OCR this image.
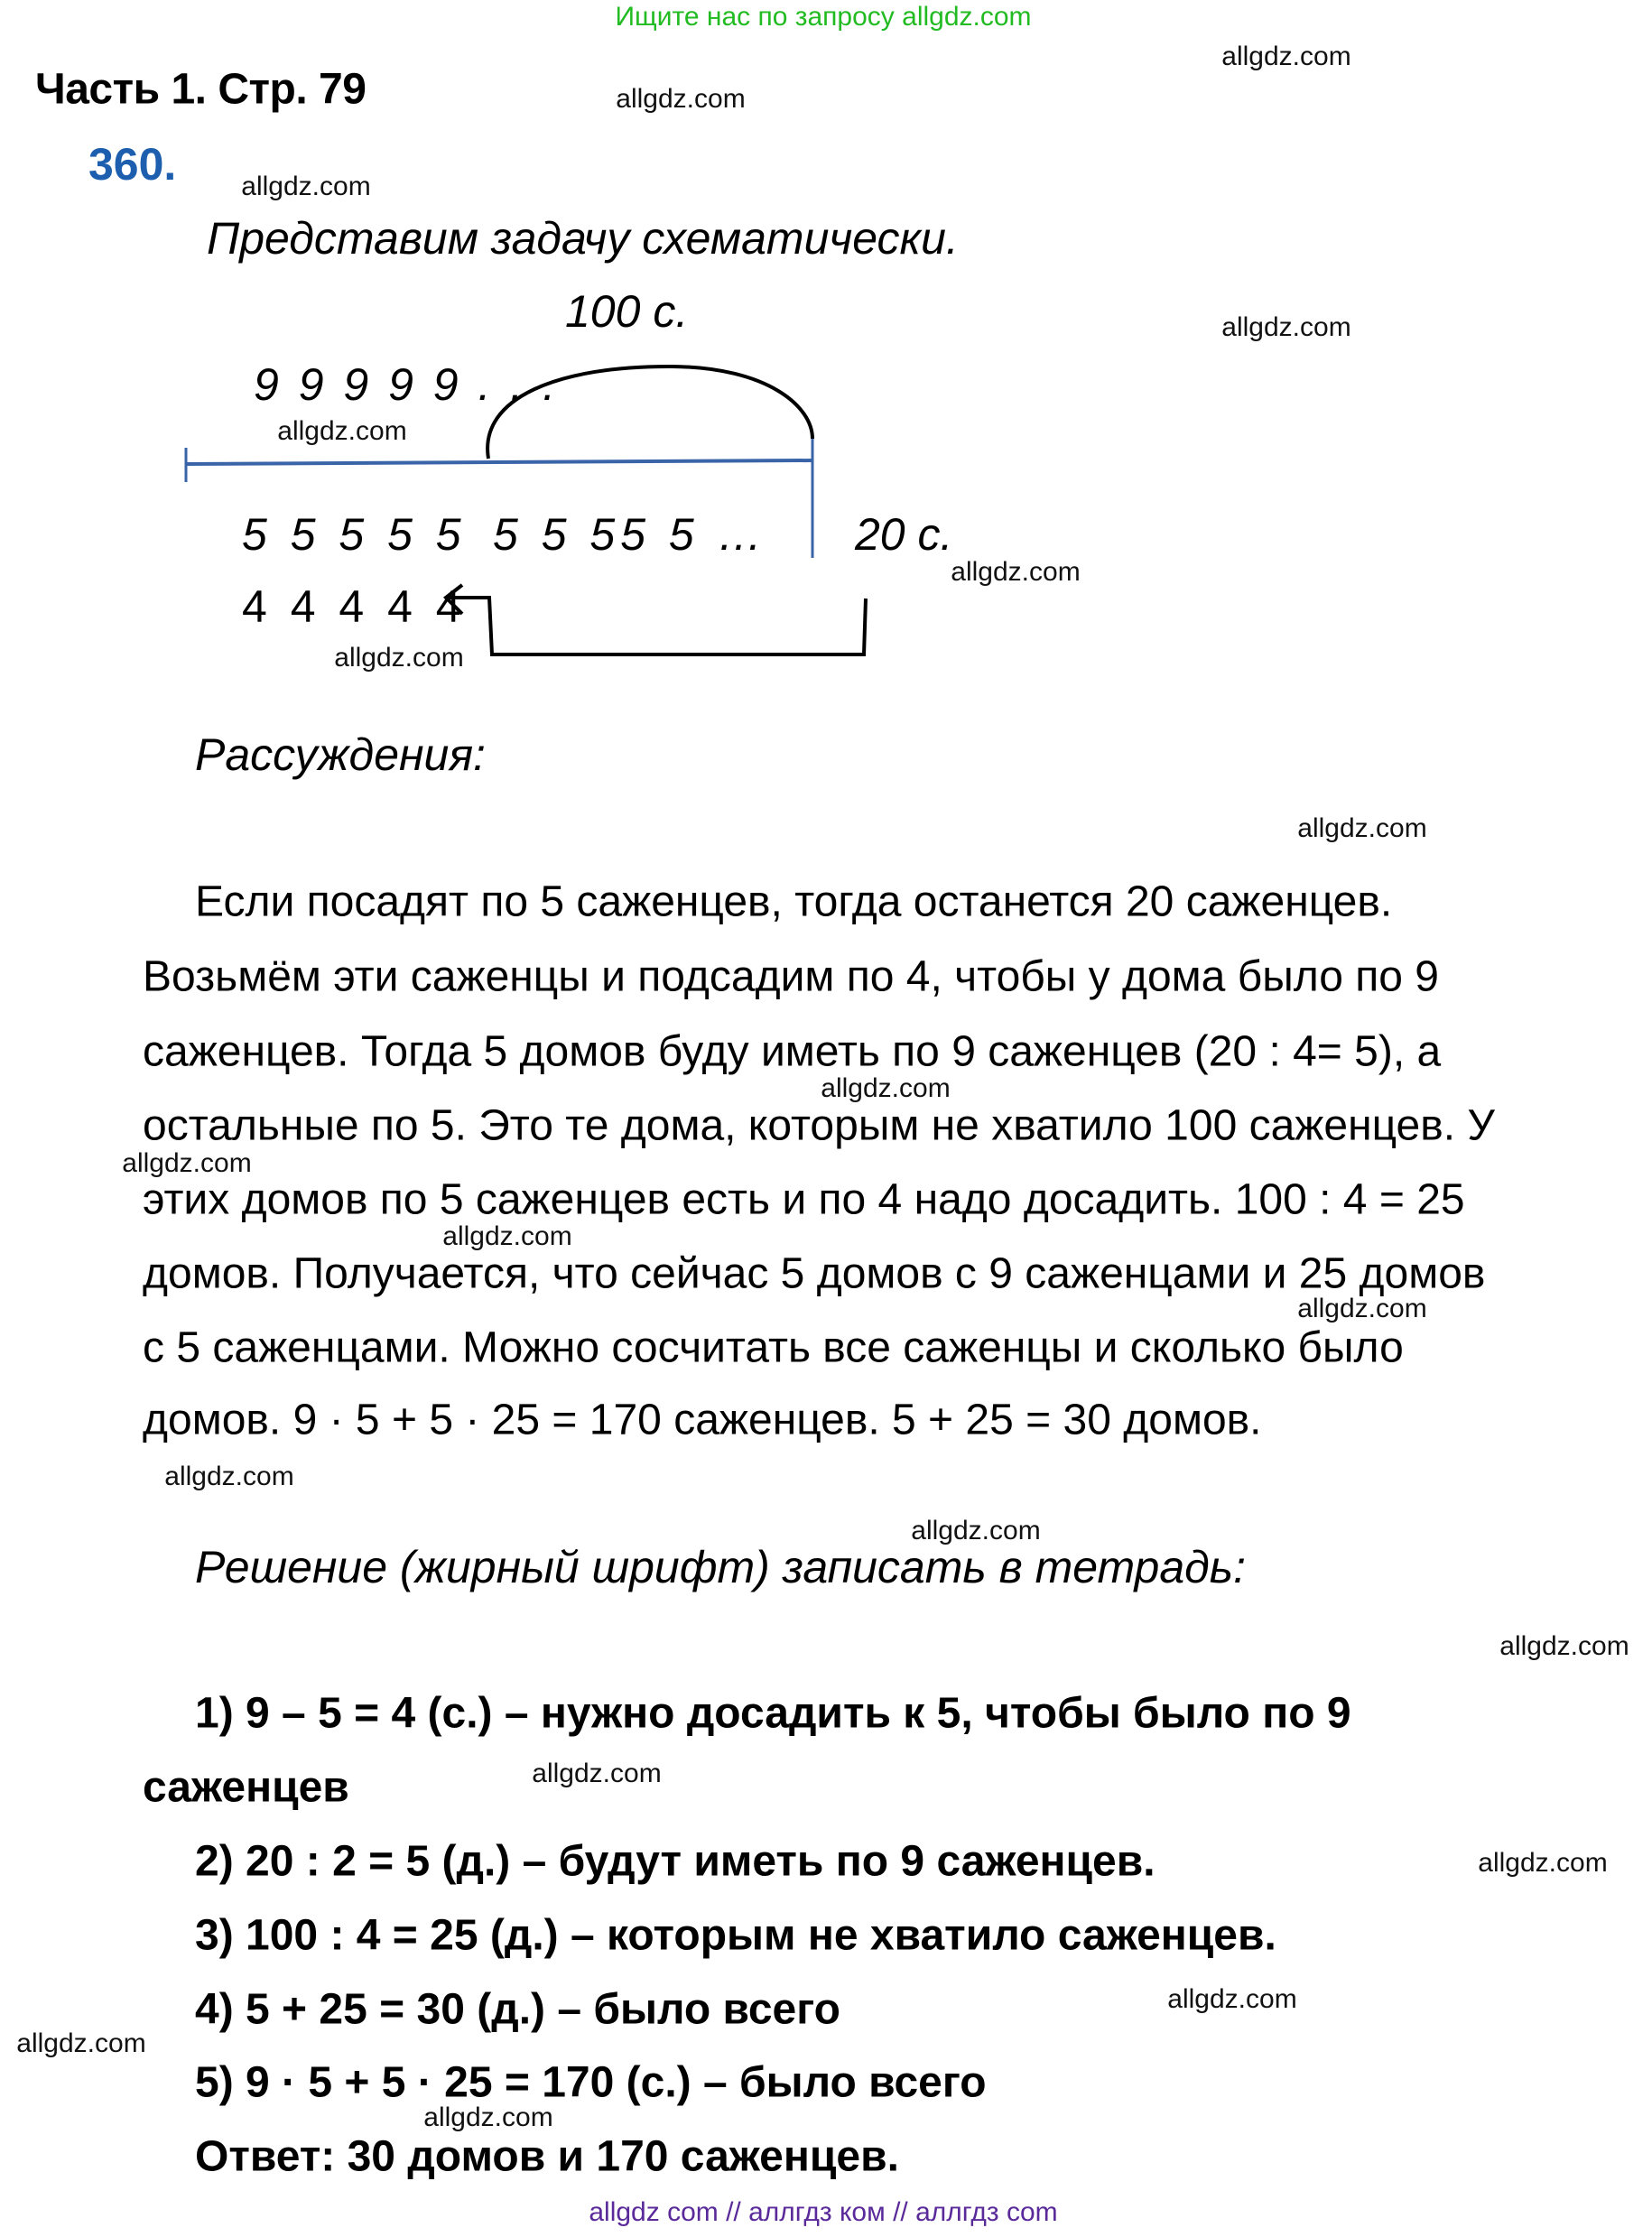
Ищите нас по запросу allgdz.com
Часть 1. Стр. 79
360.
Представим задачу схематически.
100 с.
9 9 9 9 9 . . .
5 5 5 5 5 5 5 55 5 … 20 с.
4 4 4 4 4
Рассуждения:
Если посадят по 5 саженцев, тогда останется 20 саженцев.
Возьмём эти саженцы и подсадим по 4, чтобы у дома было по 9
саженцев. Тогда 5 домов буду иметь по 9 саженцев (20 : 4= 5), а
остальные по 5. Это те дома, которым не хватило 100 саженцев. У
этих домов по 5 саженцев есть и по 4 надо досадить. 100 : 4 = 25
домов. Получается, что сейчас 5 домов с 9 саженцами и 25 домов
с 5 саженцами. Можно сосчитать все саженцы и сколько было
домов. 9 · 5 + 5 · 25 = 170 саженцев. 5 + 25 = 30 домов.
Решение (жирный шрифт) записать в тетрадь:
1) 9 – 5 = 4 (с.) – нужно досадить к 5, чтобы было по 9
саженцев
2) 20 : 2 = 5 (д.) – будут иметь по 9 саженцев.
3) 100 : 4 = 25 (д.) – которым не хватило саженцев.
4) 5 + 25 = 30 (д.) – было всего
5) 9 · 5 + 5 · 25 = 170 (с.) – было всего
Ответ: 30 домов и 170 саженцев.
allgdz com // аллгдз ком // аллгдз com
allgdz.com
allgdz.com
allgdz.com
allgdz.com
allgdz.com
allgdz.com
allgdz.com
allgdz.com
allgdz.com
allgdz.com
allgdz.com
allgdz.com
allgdz.com
allgdz.com
allgdz.com
allgdz.com
allgdz.com
allgdz.com
allgdz.com
allgdz.com
